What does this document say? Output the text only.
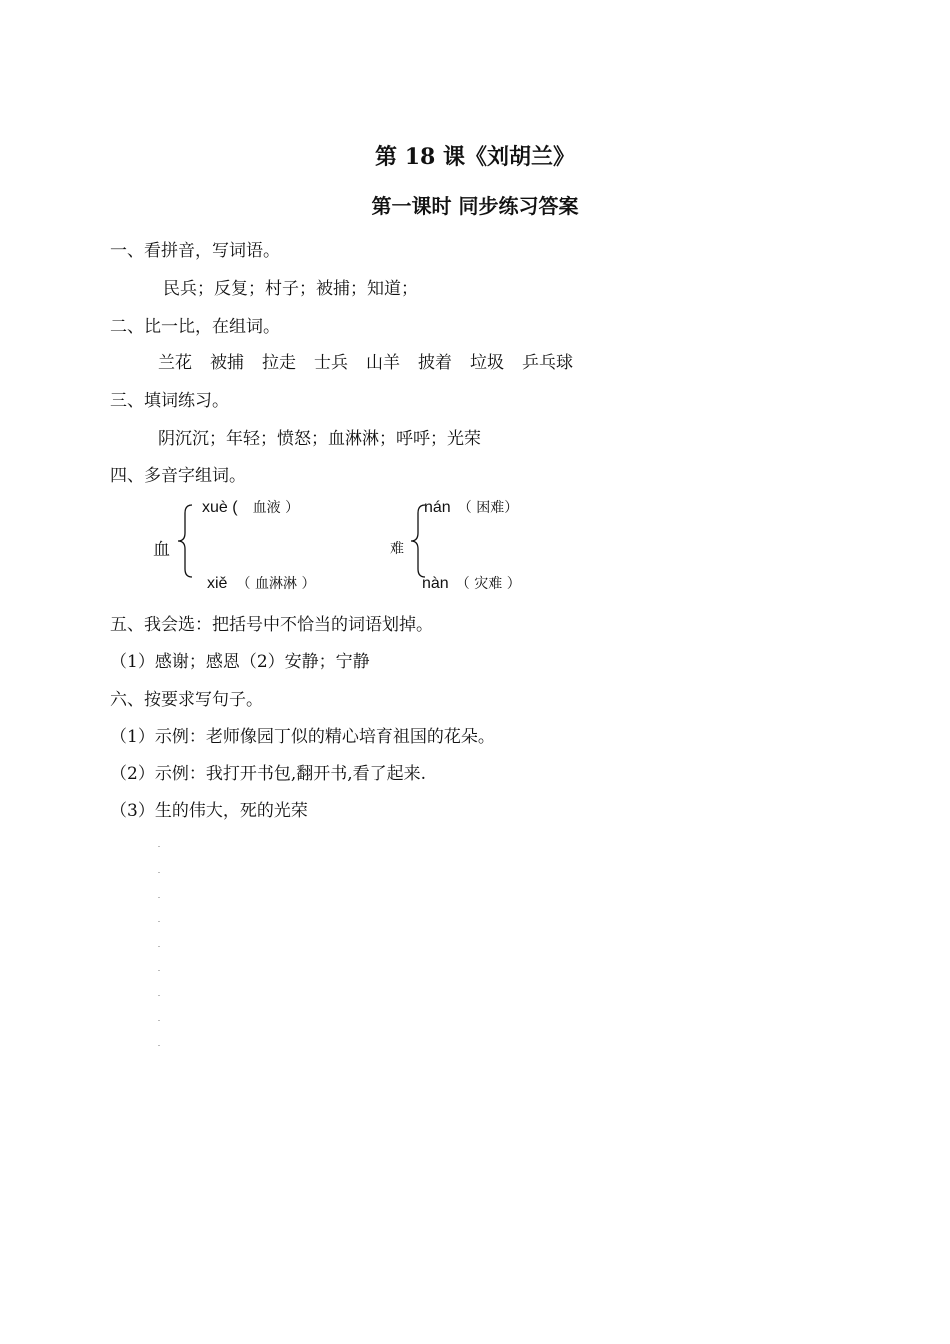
第 18 课《刘胡兰》
第一课时 同步练习答案
一、看拼音，写词语。
民兵；反复；村子；被捕；知道；
二、比一比，在组词。
兰花 被捕 拉走 士兵 山羊 披着 垃圾 乒乓球
三、填词练习。
阴沉沉；年轻；愤怒；血淋淋；呼呼；光荣
四、多音字组词。
血
xuè ( 血液 ）
xiě （ 血淋淋 ）
难
nán （ 困难）
nàn （ 灾难 ）
五、我会选：把括号中不恰当的词语划掉。
（1）感谢；感恩（2）安静；宁静
六、按要求写句子。
（1）示例：老师像园丁似的精心培育祖国的花朵。
（2）示例：我打开书包,翻开书,看了起来.
（3）生的伟大，死的光荣
